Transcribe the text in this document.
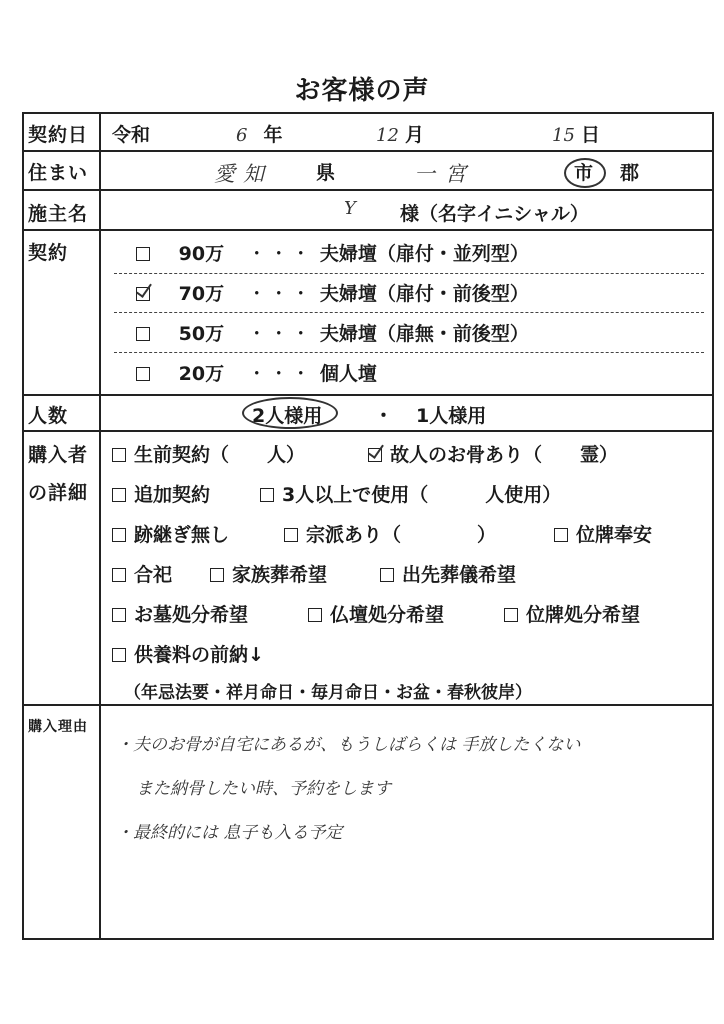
お客様の声
契約日 令和	6 年	12 月	15 日
住まい	愛知 県	一宮	市 郡
施主名	Y 様（名字イニシャル）
契約	90万 ・・・ 夫婦壇（扉付・並列型）
70万 ・・・ 夫婦壇（扉付・前後型）
50万 ・・・ 夫婦壇（扉無・前後型）
20万 ・・・ 個人壇
人数	2人様用	・ 1人様用
購入者
の詳細
生前契約（　　人）	故人のお骨あり（　　霊）
追加契約	3人以上で使用（　　　人使用）
跡継ぎ無し	宗派あり（　　　　）	位牌奉安
合祀	家族葬希望	出先葬儀希望
お墓処分希望	仏壇処分希望	位牌処分希望
供養料の前納↓
（年忌法要・祥月命日・毎月命日・お盆・春秋彼岸）
購入理由
・夫のお骨が自宅にあるが、もうしばらくは 手放したくない
また納骨したい時、予約をします
・最終的には 息子も入る予定
